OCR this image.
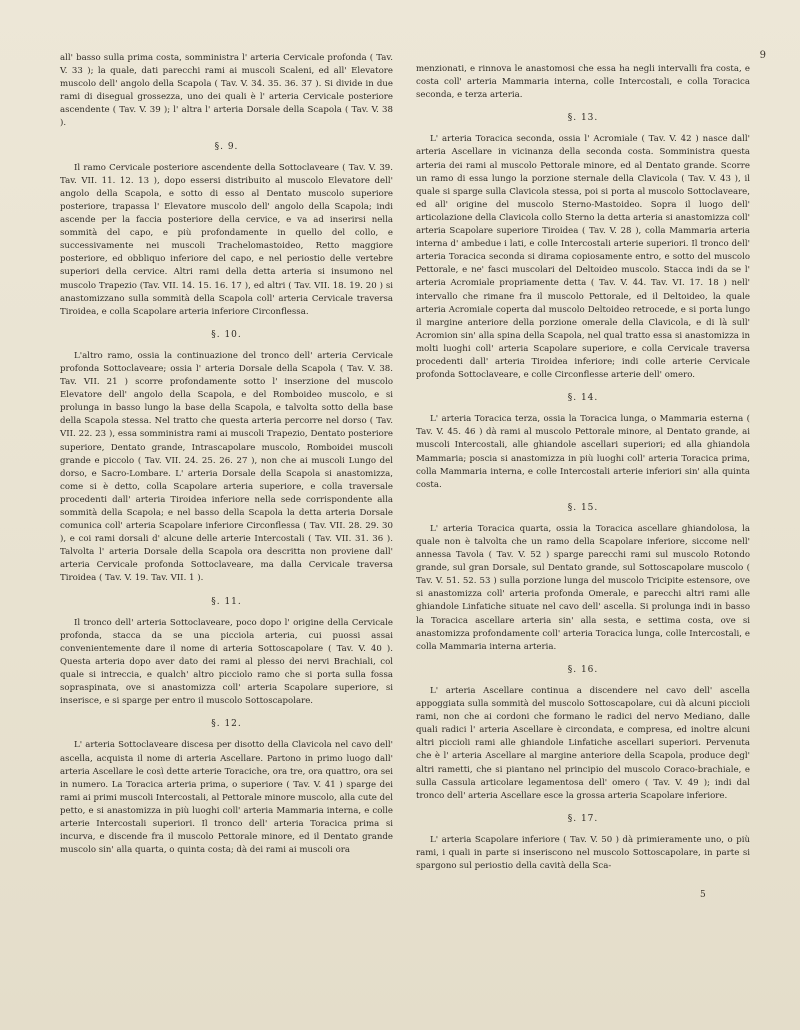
9

all' basso sulla prima costa, somministra l' arteria Cervicale profonda ( Tav. V. 33 ); la quale, dati parecchi rami ai muscoli Scaleni, ed all' Elevatore muscolo dell' angolo della Scapola ( Tav. V. 34. 35. 36. 37 ). Si divide in due rami di disegual grossezza, uno dei quali è l' arteria Cervicale posteriore ascendente ( Tav. V. 39 ); l' altra l' arteria Dorsale della Scapola ( Tav. V. 38 ).

§. 9.

Il ramo Cervicale posteriore ascendente della Sottoclaveare ( Tav. V. 39. Tav. VII. 11. 12. 13 ), dopo essersi distribuito al muscolo Elevatore dell' angolo della Scapola, e sotto di esso al Dentato muscolo superiore posteriore, trapassa l' Elevatore muscolo dell' angolo della Scapola; indi ascende per la faccia posteriore della cervice, e va ad inserirsi nella sommità del capo, e più profondamente in quello del collo, e successivamente nei muscoli Trachelomastoideo, Retto maggiore posteriore, ed obbliquo inferiore del capo, e nel periostio delle vertebre superiori della cervice. Altri rami della detta arteria si insumono nel muscolo Trapezio (Tav. VII. 14. 15. 16. 17 ), ed altri ( Tav. VII. 18. 19. 20 ) si anastomizzano sulla sommità della Scapola coll' arteria Cervicale traversa Tiroidea, e colla Scapolare arteria inferiore Circonflessa.

§. 10.

L'altro ramo, ossia la continuazione del tronco dell' arteria Cervicale profonda Sottoclaveare; ossia l' arteria Dorsale della Scapola ( Tav. V. 38. Tav. VII. 21 ) scorre profondamente sotto l' inserzione del muscolo Elevatore dell' angolo della Scapola, e del Romboideo muscolo, e si prolunga in basso lungo la base della Scapola, e talvolta sotto della base della Scapola stessa. Nel tratto che questa arteria percorre nel dorso ( Tav. VII. 22. 23 ), essa somministra rami ai muscoli Trapezio, Dentato posteriore superiore, Dentato grande, Intrascapolare muscolo, Romboidei muscoli grande e piccolo ( Tav. VII. 24. 25. 26. 27 ), non che ai muscoli Lungo del dorso, e Sacro-Lombare. L' arteria Dorsale della Scapola si anastomizza, come si è detto, colla Scapolare arteria superiore, e colla traversale procedenti dall' arteria Tiroidea inferiore nella sede corrispondente alla sommità della Scapola; e nel basso della Scapola la detta arteria Dorsale comunica coll' arteria Scapolare inferiore Circonflessa ( Tav. VII. 28. 29. 30 ), e coi rami dorsali d' alcune delle arterie Intercostali ( Tav. VII. 31. 36 ). Talvolta l' arteria Dorsale della Scapola ora descritta non proviene dall' arteria Cervicale profonda Sottoclaveare, ma dalla Cervicale traversa Tiroidea ( Tav. V. 19. Tav. VII. 1 ).

§. 11.

Il tronco dell' arteria Sottoclaveare, poco dopo l' origine della Cervicale profonda, stacca da se una picciola arteria, cui puossi assai convenientemente dare il nome di arteria Sottoscapolare ( Tav. V. 40 ). Questa arteria dopo aver dato dei rami al plesso dei nervi Brachiali, col quale si intreccia, e qualch' altro picciolo ramo che si porta sulla fossa sopraspinata, ove si anastomizza coll' arteria Scapolare superiore, si inserisce, e si sparge per entro il muscolo Sottoscapolare.

§. 12.

L' arteria Sottoclaveare discesa per disotto della Clavicola nel cavo dell' ascella, acquista il nome di arteria Ascellare. Partono in primo luogo dall' arteria Ascellare le così dette arterie Toraciche, ora tre, ora quattro, ora sei in numero. La Toracica arteria prima, o superiore ( Tav. V. 41 ) sparge dei rami ai primi muscoli Intercostali, al Pettorale minore muscolo, alla cute del petto, e si anastomizza in più luoghi coll' arteria Mammaria interna, e colle arterie Intercostali superiori. Il tronco dell' arteria Toracica prima si incurva, e discende fra il muscolo Pettorale minore, ed il Dentato grande muscolo sin' alla quarta, o quinta costa; dà dei rami ai muscoli ora

menzionati, e rinnova le anastomosi che essa ha negli intervalli fra costa, e costa coll' arteria Mammaria interna, colle Intercostali, e colla Toracica seconda, e terza arteria.

§. 13.

L' arteria Toracica seconda, ossia l' Acromiale ( Tav. V. 42 ) nasce dall' arteria Ascellare in vicinanza della seconda costa. Somministra questa arteria dei rami al muscolo Pettorale minore, ed al Dentato grande. Scorre un ramo di essa lungo la porzione sternale della Clavicola ( Tav. V. 43 ), il quale si sparge sulla Clavicola stessa, poi si porta al muscolo Sottoclaveare, ed all' origine del muscolo Sterno-Mastoideo. Sopra il luogo dell' articolazione della Clavicola collo Sterno la detta arteria si anastomizza coll' arteria Scapolare superiore Tiroidea ( Tav. V. 28 ), colla Mammaria arteria interna d' ambedue i lati, e colle Intercostali arterie superiori. Il tronco dell' arteria Toracica seconda si dirama copiosamente entro, e sotto del muscolo Pettorale, e ne' fasci muscolari del Deltoideo muscolo. Stacca indi da se l' arteria Acromiale propriamente detta ( Tav. V. 44. Tav. VI. 17. 18 ) nell' intervallo che rimane fra il muscolo Pettorale, ed il Deltoideo, la quale arteria Acromiale coperta dal muscolo Deltoideo retrocede, e si porta lungo il margine anteriore della porzione omerale della Clavicola, e di là sull' Acromion sin' alla spina della Scapola, nel qual tratto essa si anastomizza in molti luoghi coll' arteria Scapolare superiore, e colla Cervicale traversa procedenti dall' arteria Tiroidea inferiore; indi colle arterie Cervicale profonda Sottoclaveare, e colle Circonflesse arterie dell' omero.

§. 14.

L' arteria Toracica terza, ossia la Toracica lunga, o Mammaria esterna ( Tav. V. 45. 46 ) dà rami al muscolo Pettorale minore, al Dentato grande, ai muscoli Intercostali, alle ghiandole ascellari superiori; ed alla ghiandola Mammaria; poscia si anastomizza in più luoghi coll' arteria Toracica prima, colla Mammaria interna, e colle Intercostali arterie inferiori sin' alla quinta costa.

§. 15.

L' arteria Toracica quarta, ossia la Toracica ascellare ghiandolosa, la quale non è talvolta che un ramo della Scapolare inferiore, siccome nell' annessa Tavola ( Tav. V. 52 ) sparge parecchi rami sul muscolo Rotondo grande, sul gran Dorsale, sul Dentato grande, sul Sottoscapolare muscolo ( Tav. V. 51. 52. 53 ) sulla porzione lunga del muscolo Tricipite estensore, ove si anastomizza coll' arteria profonda Omerale, e parecchi altri rami alle ghiandole Linfatiche situate nel cavo dell' ascella. Si prolunga indi in basso la Toracica ascellare arteria sin' alla sesta, e settima costa, ove si anastomizza profondamente coll' arteria Toracica lunga, colle Intercostali, e colla Mammaria interna arteria.

§. 16.

L' arteria Ascellare continua a discendere nel cavo dell' ascella appoggiata sulla sommità del muscolo Sottoscapolare, cui dà alcuni piccioli rami, non che ai cordoni che formano le radici del nervo Mediano, dalle quali radici l' arteria Ascellare è circondata, e compresa, ed inoltre alcuni altri piccioli rami alle ghiandole Linfatiche ascellari superiori. Pervenuta che è l' arteria Ascellare al margine anteriore della Scapola, produce degl' altri rametti, che si piantano nel principio del muscolo Coraco-brachiale, e sulla Cassula articolare legamentosa dell' omero ( Tav. V. 49 ); indi dal tronco dell' arteria Ascellare esce la grossa arteria Scapolare inferiore.

§. 17.

L' arteria Scapolare inferiore ( Tav. V. 50 ) dà primieramente uno, o più rami, i quali in parte si inseriscono nel muscolo Sottoscapolare, in parte si spargono sul periostio della cavità della Sca-

5
